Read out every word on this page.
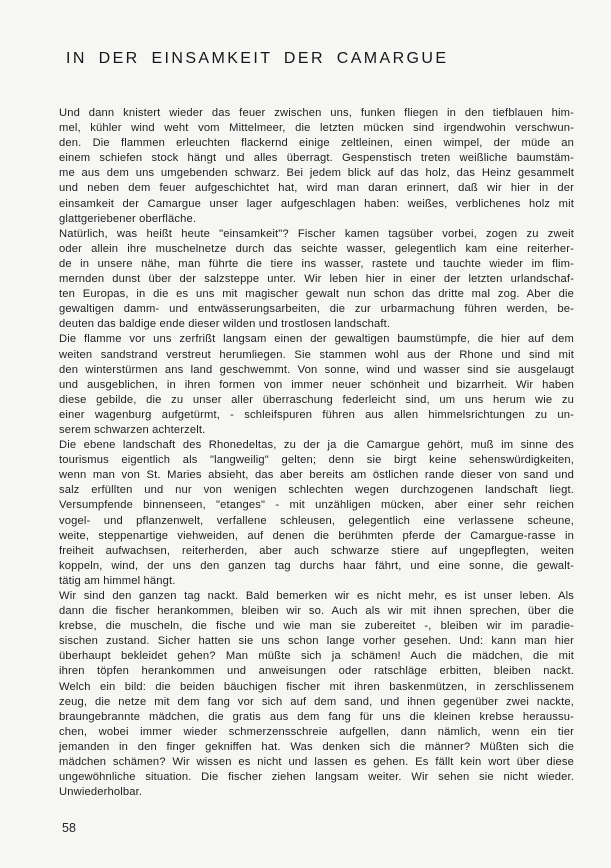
IN DER EINSAMKEIT DER CAMARGUE

Und dann knistert wieder das feuer zwischen uns, funken fliegen in den tiefblauen him-
mel, kühler wind weht vom Mittelmeer, die letzten mücken sind irgendwohin verschwun-
den. Die flammen erleuchten flackernd einige zeltleinen, einen wimpel, der müde an
einem schiefen stock hängt und alles überragt. Gespenstisch treten weißliche baumstäm-
me aus dem uns umgebenden schwarz. Bei jedem blick auf das holz, das Heinz gesammelt
und neben dem feuer aufgeschichtet hat, wird man daran erinnert, daß wir hier in der
einsamkeit der Camargue unser lager aufgeschlagen haben: weißes, verblichenes holz mit
glattgeriebener oberfläche.

Natürlich, was heißt heute "einsamkeit"? Fischer kamen tagsüber vorbei, zogen zu zweit
oder allein ihre muschelnetze durch das seichte wasser, gelegentlich kam eine reiterher-
de in unsere nähe, man führte die tiere ins wasser, rastete und tauchte wieder im flim-
mernden dunst über der salzsteppe unter. Wir leben hier in einer der letzten urlandschaf-
ten Europas, in die es uns mit magischer gewalt nun schon das dritte mal zog. Aber die
gewaltigen damm- und entwässerungsarbeiten, die zur urbarmachung führen werden, be-
deuten das baldige ende dieser wilden und trostlosen landschaft.

Die flamme vor uns zerfrißt langsam einen der gewaltigen baumstümpfe, die hier auf dem
weiten sandstrand verstreut herumliegen. Sie stammen wohl aus der Rhone und sind mit
den winterstürmen ans land geschwemmt. Von sonne, wind und wasser sind sie ausgelaugt
und ausgeblichen, in ihren formen von immer neuer schönheit und bizarrheit. Wir haben
diese gebilde, die zu unser aller überraschung federleicht sind, um uns herum wie zu
einer wagenburg aufgetürmt, - schleifspuren führen aus allen himmelsrichtungen zu un-
serem schwarzen achterzelt.

Die ebene landschaft des Rhonedeltas, zu der ja die Camargue gehört, muß im sinne des
tourismus eigentlich als "langweilig" gelten; denn sie birgt keine sehenswürdigkeiten,
wenn man von St. Maries absieht, das aber bereits am östlichen rande dieser von sand und
salz erfüllten und nur von wenigen schlechten wegen durchzogenen landschaft liegt.
Versumpfende binnenseen, "etanges" - mit unzähligen mücken, aber einer sehr reichen
vogel- und pflanzenwelt, verfallene schleusen, gelegentlich eine verlassene scheune,
weite, steppenartige viehweiden, auf denen die berühmten pferde der Camargue-rasse in
freiheit aufwachsen, reiterherden, aber auch schwarze stiere auf ungepflegten, weiten
koppeln, wind, der uns den ganzen tag durchs haar fährt, und eine sonne, die gewalt-
tätig am himmel hängt.

Wir sind den ganzen tag nackt. Bald bemerken wir es nicht mehr, es ist unser leben. Als
dann die fischer herankommen, bleiben wir so. Auch als wir mit ihnen sprechen, über die
krebse, die muscheln, die fische und wie man sie zubereitet -, bleiben wir im paradie-
sischen zustand. Sicher hatten sie uns schon lange vorher gesehen. Und: kann man hier
überhaupt bekleidet gehen? Man müßte sich ja schämen! Auch die mädchen, die mit
ihren töpfen herankommen und anweisungen oder ratschläge erbitten, bleiben nackt.
Welch ein bild: die beiden bäuchigen fischer mit ihren baskenmützen, in zerschlissenem
zeug, die netze mit dem fang vor sich auf dem sand, und ihnen gegenüber zwei nackte,
braungebrannte mädchen, die gratis aus dem fang für uns die kleinen krebse heraussu-
chen, wobei immer wieder schmerzensschreie aufgellen, dann nämlich, wenn ein tier
jemanden in den finger gekniffen hat. Was denken sich die männer? Müßten sich die
mädchen schämen? Wir wissen es nicht und lassen es gehen. Es fällt kein wort über diese
ungewöhnliche situation. Die fischer ziehen langsam weiter. Wir sehen sie nicht wieder.
Unwiederholbar.

58
